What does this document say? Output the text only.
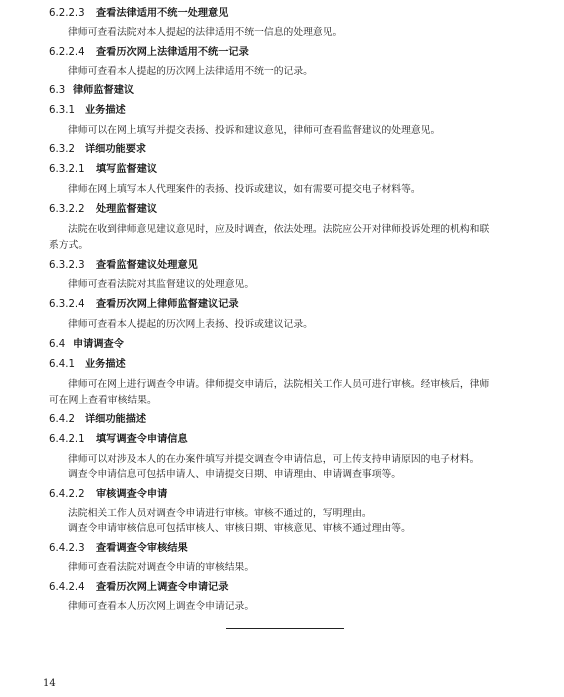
6.2.2.3 查看法律适用不统一处理意见
律师可查看法院对本人提起的法律适用不统一信息的处理意见。
6.2.2.4 查看历次网上法律适用不统一记录
律师可查看本人提起的历次网上法律适用不统一的记录。
6.3 律师监督建议
6.3.1 业务描述
律师可以在网上填写并提交表扬、投诉和建议意见，律师可查看监督建议的处理意见。
6.3.2 详细功能要求
6.3.2.1 填写监督建议
律师在网上填写本人代理案件的表扬、投诉或建议，如有需要可提交电子材料等。
6.3.2.2 处理监督建议
法院在收到律师意见建议意见时，应及时调查，依法处理。法院应公开对律师投诉处理的机构和联
系方式。
6.3.2.3 查看监督建议处理意见
律师可查看法院对其监督建议的处理意见。
6.3.2.4 查看历次网上律师监督建议记录
律师可查看本人提起的历次网上表扬、投诉或建议记录。
6.4 申请调查令
6.4.1 业务描述
律师可在网上进行调查令申请。律师提交申请后，法院相关工作人员可进行审核。经审核后，律师
可在网上查看审核结果。
6.4.2 详细功能描述
6.4.2.1 填写调查令申请信息
律师可以对涉及本人的在办案件填写并提交调查令申请信息，可上传支持申请原因的电子材料。
调查令申请信息可包括申请人、申请提交日期、申请理由、申请调查事项等。
6.4.2.2 审核调查令申请
法院相关工作人员对调查令申请进行审核。审核不通过的，写明理由。
调查令申请审核信息可包括审核人、审核日期、审核意见、审核不通过理由等。
6.4.2.3 查看调查令审核结果
律师可查看法院对调查令申请的审核结果。
6.4.2.4 查看历次网上调查令申请记录
律师可查看本人历次网上调查令申请记录。
14
